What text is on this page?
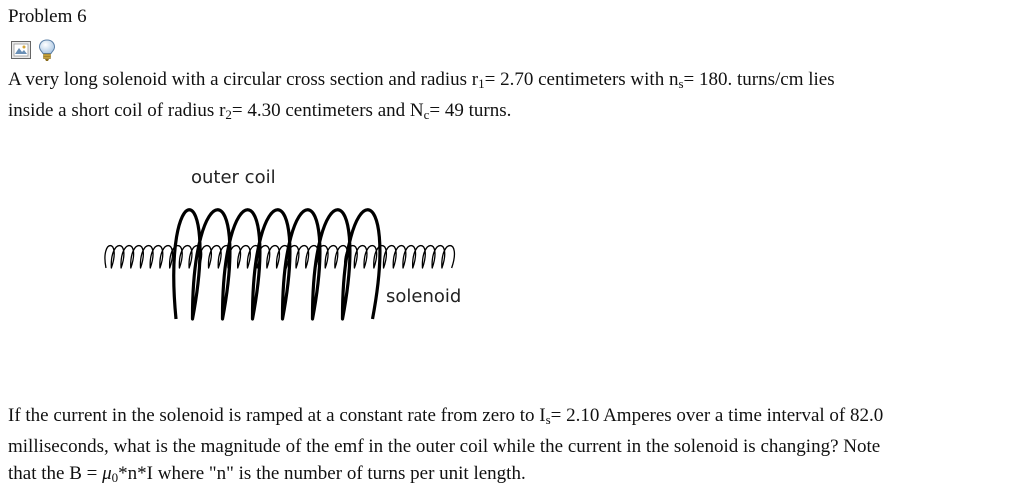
Problem 6

A very long solenoid with a circular cross section and radius $r_1= 2.70$ centimeters with $n_s= 180$. turns/cm lies
inside a short coil of radius $r_2= 4.30$ centimeters and $N_c= 49$ turns.

outer coil
solenoid

If the current in the solenoid is ramped at a constant rate from zero to $I_s= 2.10$ Amperes over a time interval of 82.0
milliseconds, what is the magnitude of the emf in the outer coil while the current in the solenoid is changing? Note
that the $B = \mu_0*n*I$ where "n" is the number of turns per unit length.
